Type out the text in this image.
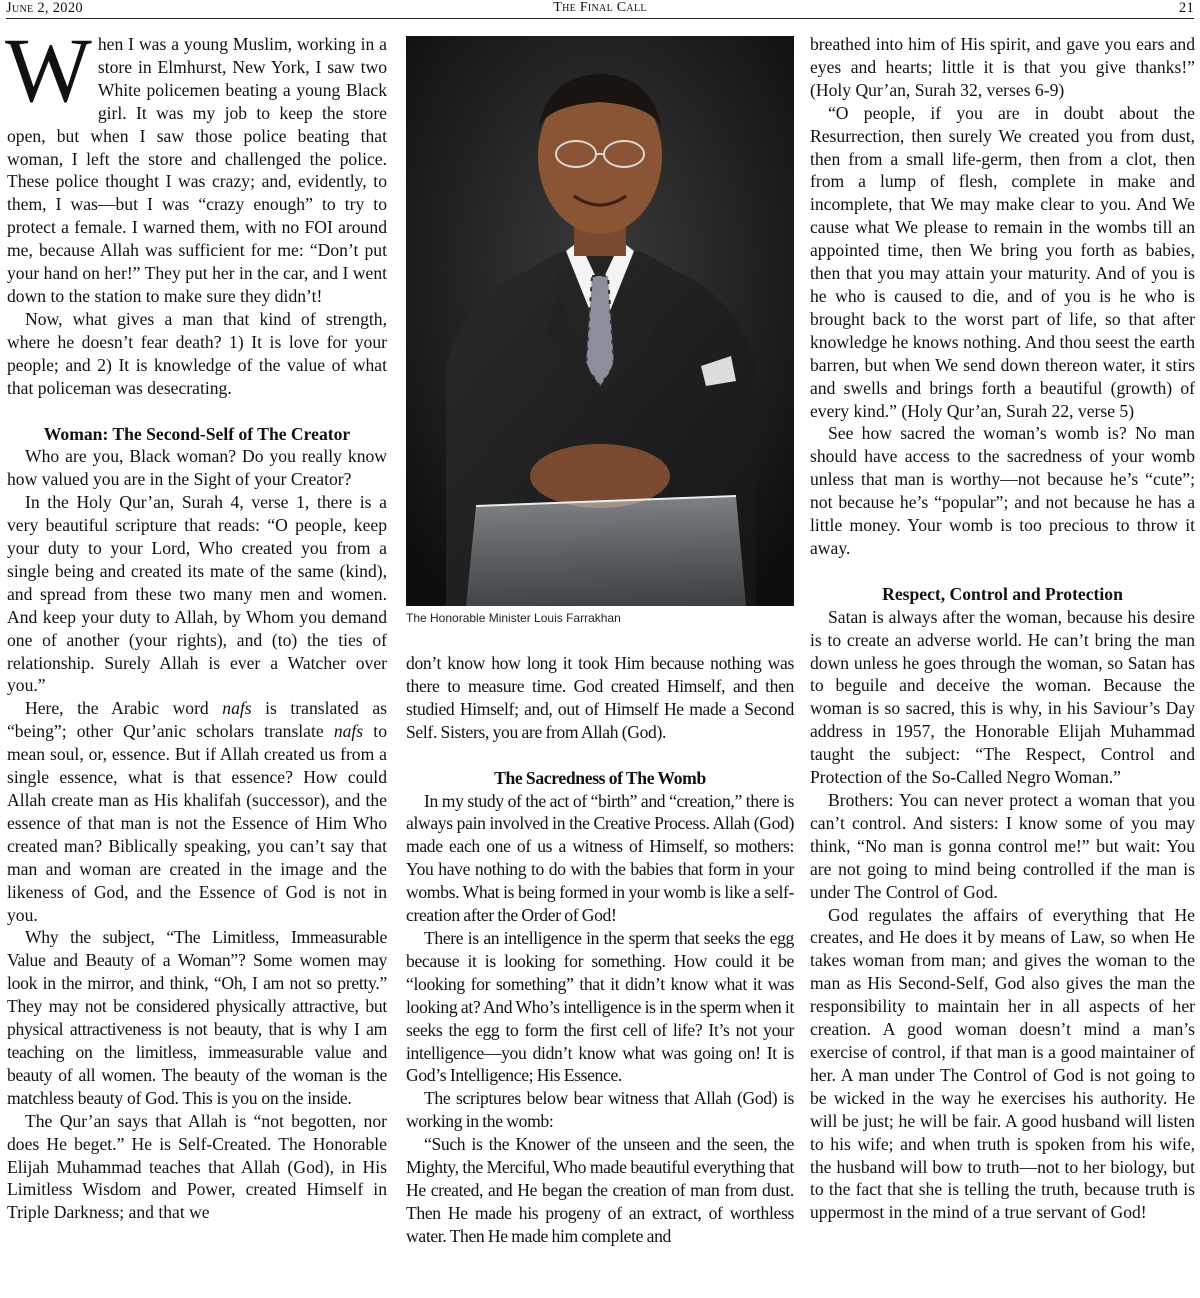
June 2, 2020	The Final Call	21

When I was a young Muslim, working in a store in Elmhurst, New York, I saw two White policemen beating a young Black girl. It was my job to keep the store open, but when I saw those police beating that woman, I left the store and challenged the police. These police thought I was crazy; and, evidently, to them, I was—but I was “crazy enough” to try to protect a female. I warned them, with no FOI around me, because Allah was sufficient for me: “Don’t put your hand on her!” They put her in the car, and I went down to the station to make sure they didn’t!

Now, what gives a man that kind of strength, where he doesn’t fear death? 1) It is love for your people; and 2) It is knowledge of the value of what that policeman was desecrating.

Woman: The Second-Self of The Creator

Who are you, Black woman? Do you really know how valued you are in the Sight of your Creator?

In the Holy Qur’an, Surah 4, verse 1, there is a very beautiful scripture that reads: “O people, keep your duty to your Lord, Who created you from a single being and created its mate of the same (kind), and spread from these two many men and women. And keep your duty to Allah, by Whom you demand one of another (your rights), and (to) the ties of relationship. Surely Allah is ever a Watcher over you.”

Here, the Arabic word nafs is translated as “being”; other Qur’anic scholars translate nafs to mean soul, or, essence. But if Allah created us from a single essence, what is that essence? How could Allah create man as His khalifah (successor), and the essence of that man is not the Essence of Him Who created man? Biblically speaking, you can’t say that man and woman are created in the image and the likeness of God, and the Essence of God is not in you.

Why the subject, “The Limitless, Immeasurable Value and Beauty of a Woman”? Some women may look in the mirror, and think, “Oh, I am not so pretty.” They may not be considered physically attractive, but physical attractiveness is not beauty, that is why I am teaching on the limitless, immeasurable value and beauty of all women. The beauty of the woman is the matchless beauty of God. This is you on the inside.

The Qur’an says that Allah is “not begotten, nor does He beget.” He is Self-Created. The Honorable Elijah Muhammad teaches that Allah (God), in His Limitless Wisdom and Power, created Himself in Triple Darkness; and that we

The Honorable Minister Louis Farrakhan

don’t know how long it took Him because nothing was there to measure time. God created Himself, and then studied Himself; and, out of Himself He made a Second Self. Sisters, you are from Allah (God).

The Sacredness of The Womb

In my study of the act of “birth” and “creation,” there is always pain involved in the Creative Process. Allah (God) made each one of us a witness of Himself, so mothers: You have nothing to do with the babies that form in your wombs. What is being formed in your womb is like a self-creation after the Order of God!

There is an intelligence in the sperm that seeks the egg because it is looking for something. How could it be “looking for something” that it didn’t know what it was looking at? And Who’s intelligence is in the sperm when it seeks the egg to form the first cell of life? It’s not your intelligence—you didn’t know what was going on! It is God’s Intelligence; His Essence.

The scriptures below bear witness that Allah (God) is working in the womb:

“Such is the Knower of the unseen and the seen, the Mighty, the Merciful, Who made beautiful everything that He created, and He began the creation of man from dust. Then He made his progeny of an extract, of worthless water. Then He made him complete and

breathed into him of His spirit, and gave you ears and eyes and hearts; little it is that you give thanks!” (Holy Qur’an, Surah 32, verses 6-9)

“O people, if you are in doubt about the Resurrection, then surely We created you from dust, then from a small life-germ, then from a clot, then from a lump of flesh, complete in make and incomplete, that We may make clear to you. And We cause what We please to remain in the wombs till an appointed time, then We bring you forth as babies, then that you may attain your maturity. And of you is he who is caused to die, and of you is he who is brought back to the worst part of life, so that after knowledge he knows nothing. And thou seest the earth barren, but when We send down thereon water, it stirs and swells and brings forth a beautiful (growth) of every kind.” (Holy Qur’an, Surah 22, verse 5)

See how sacred the woman’s womb is? No man should have access to the sacredness of your womb unless that man is worthy—not because he’s “cute”; not because he’s “popular”; and not because he has a little money. Your womb is too precious to throw it away.

Respect, Control and Protection

Satan is always after the woman, because his desire is to create an adverse world. He can’t bring the man down unless he goes through the woman, so Satan has to beguile and deceive the woman. Because the woman is so sacred, this is why, in his Saviour’s Day address in 1957, the Honorable Elijah Muhammad taught the subject: “The Respect, Control and Protection of the So-Called Negro Woman.”

Brothers: You can never protect a woman that you can’t control. And sisters: I know some of you may think, “No man is gonna control me!” but wait: You are not going to mind being controlled if the man is under The Control of God.

God regulates the affairs of everything that He creates, and He does it by means of Law, so when He takes woman from man; and gives the woman to the man as His Second-Self, God also gives the man the responsibility to maintain her in all aspects of her creation. A good woman doesn’t mind a man’s exercise of control, if that man is a good maintainer of her. A man under The Control of God is not going to be wicked in the way he exercises his authority. He will be just; he will be fair. A good husband will listen to his wife; and when truth is spoken from his wife, the husband will bow to truth—not to her biology, but to the fact that she is telling the truth, because truth is uppermost in the mind of a true servant of God!
